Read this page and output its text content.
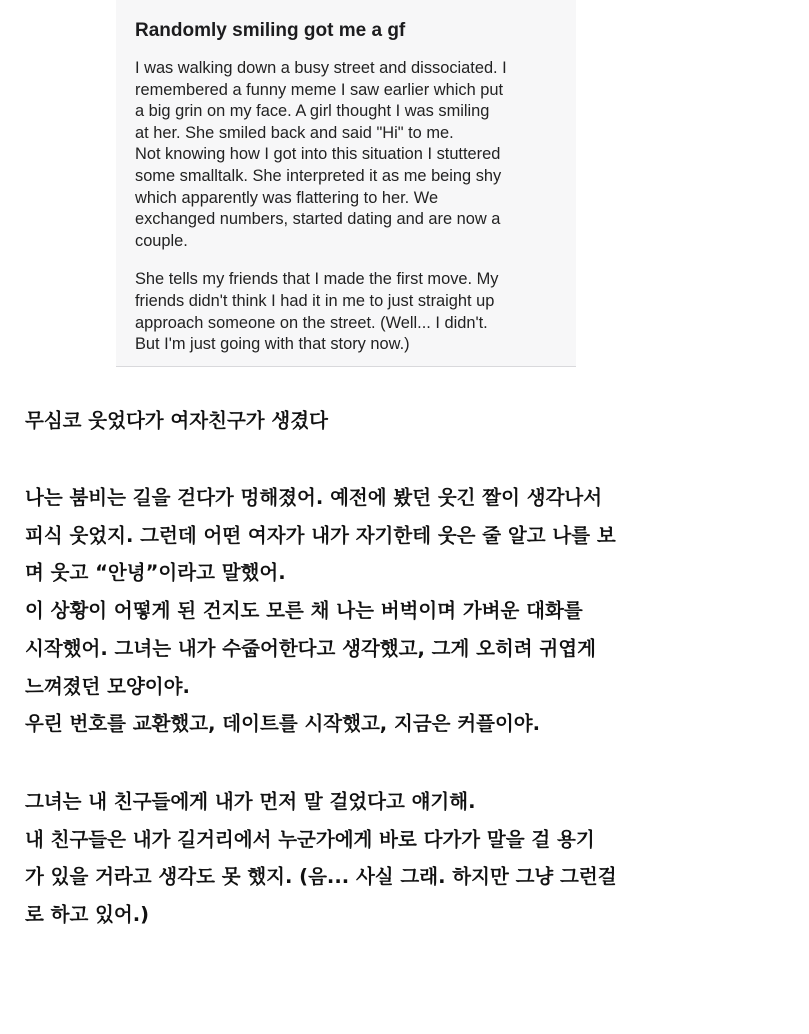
Randomly smiling got me a gf

I was walking down a busy street and dissociated. I
remembered a funny meme I saw earlier which put
a big grin on my face. A girl thought I was smiling
at her. She smiled back and said "Hi" to me.
Not knowing how I got into this situation I stuttered
some smalltalk. She interpreted it as me being shy
which apparently was flattering to her. We
exchanged numbers, started dating and are now a
couple.

She tells my friends that I made the first move. My
friends didn't think I had it in me to just straight up
approach someone on the street. (Well... I didn't.
But I'm just going with that story now.)

무심코 웃었다가 여자친구가 생겼다
나는 붐비는 길을 걷다가 멍해졌어. 예전에 봤던 웃긴 짤이 생각나서
피식 웃었지. 그런데 어떤 여자가 내가 자기한테 웃은 줄 알고 나를 보
며 웃고 “안녕”이라고 말했어.
이 상황이 어떻게 된 건지도 모른 채 나는 버벅이며 가벼운 대화를
시작했어. 그녀는 내가 수줍어한다고 생각했고, 그게 오히려 귀엽게
느껴졌던 모양이야.
우린 번호를 교환했고, 데이트를 시작했고, 지금은 커플이야.
그녀는 내 친구들에게 내가 먼저 말 걸었다고 얘기해.
내 친구들은 내가 길거리에서 누군가에게 바로 다가가 말을 걸 용기
가 있을 거라고 생각도 못 했지. (음... 사실 그래. 하지만 그냥 그런걸
로 하고 있어.)
